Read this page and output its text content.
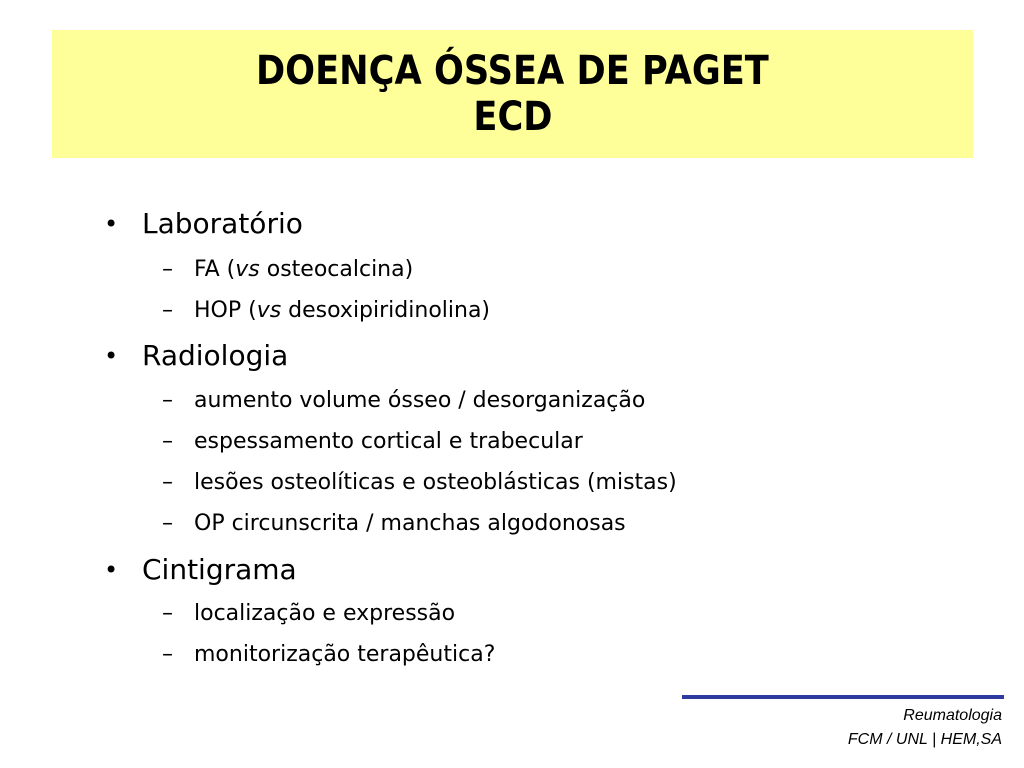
DOENÇA ÓSSEA DE PAGET
ECD
• Laboratório
– FA (vs osteocalcina)
– HOP (vs desoxipiridinolina)
• Radiologia
– aumento volume ósseo / desorganização
– espessamento cortical e trabecular
– lesões osteolíticas e osteoblásticas (mistas)
– OP circunscrita / manchas algodonosas
• Cintigrama
– localização e expressão
– monitorização terapêutica?
Reumatologia
FCM / UNL | HEM,SA
